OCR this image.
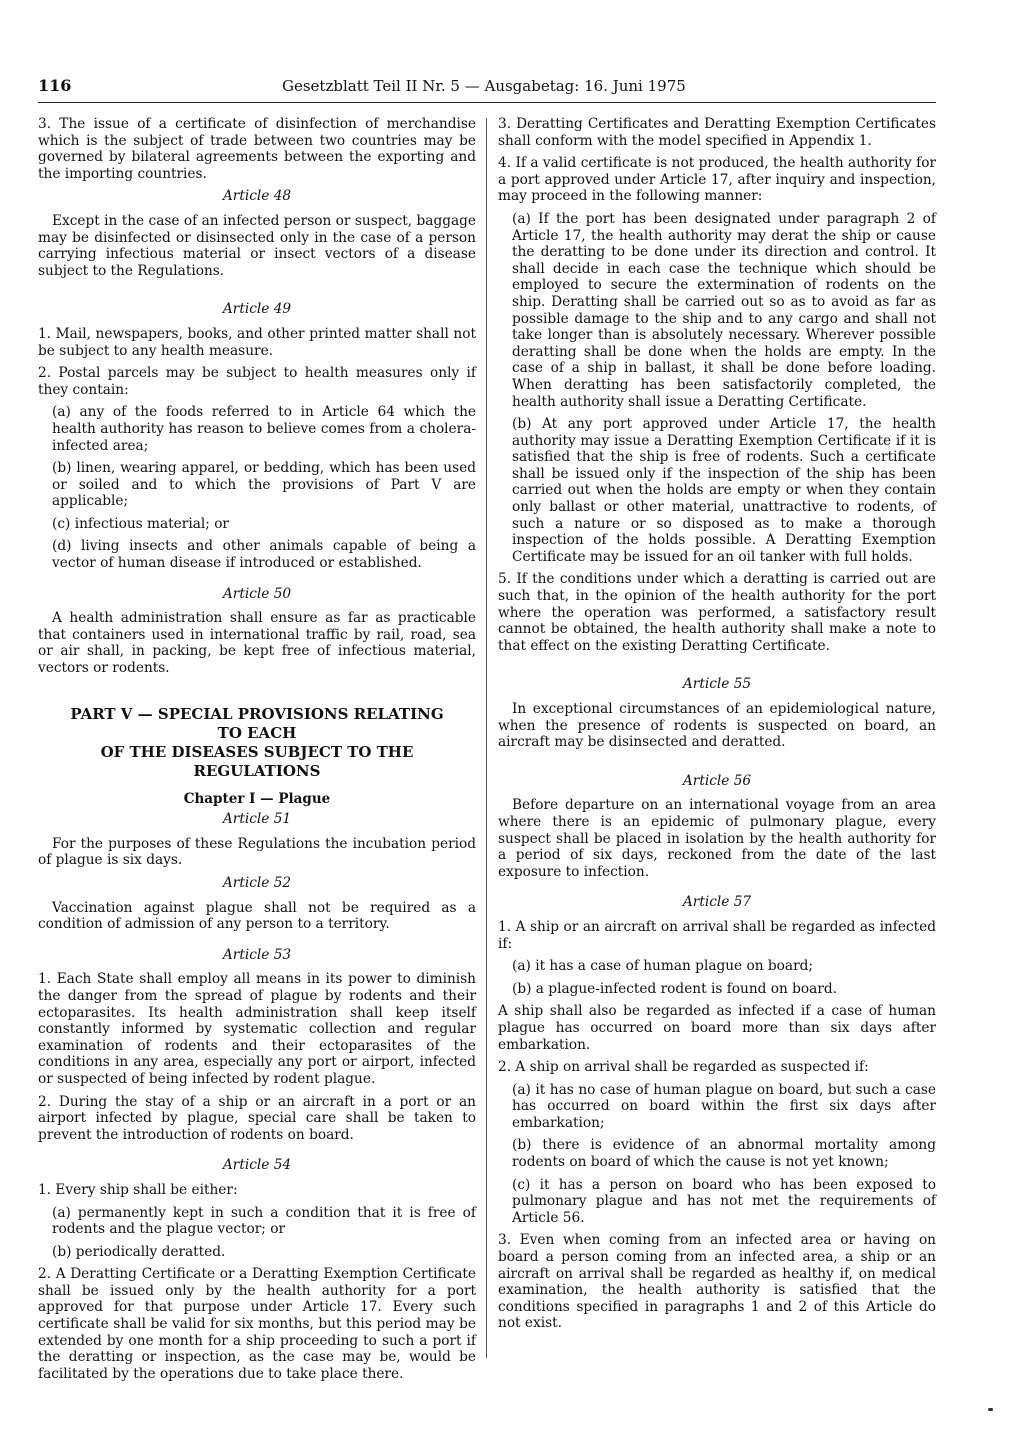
116	Gesetzblatt Teil II Nr. 5 — Ausgabetag: 16. Juni 1975

3. The issue of a certificate of disinfection of merchandise which is the subject of trade between two countries may be governed by bilateral agreements between the exporting and the importing countries.

Article 48

Except in the case of an infected person or suspect, baggage may be disinfected or disinsected only in the case of a person carrying infectious material or insect vectors of a disease subject to the Regulations.

Article 49

1. Mail, newspapers, books, and other printed matter shall not be subject to any health measure.

2. Postal parcels may be subject to health measures only if they contain:

(a) any of the foods referred to in Article 64 which the health authority has reason to believe comes from a cholera-infected area;

(b) linen, wearing apparel, or bedding, which has been used or soiled and to which the provisions of Part V are applicable;

(c) infectious material; or

(d) living insects and other animals capable of being a vector of human disease if introduced or established.

Article 50

A health administration shall ensure as far as practicable that containers used in international traffic by rail, road, sea or air shall, in packing, be kept free of infectious material, vectors or rodents.

PART V — SPECIAL PROVISIONS RELATING
TO EACH
OF THE DISEASES SUBJECT TO THE REGULATIONS
Chapter I — Plague
Article 51

For the purposes of these Regulations the incubation period of plague is six days.

Article 52

Vaccination against plague shall not be required as a condition of admission of any person to a territory.

Article 53

1. Each State shall employ all means in its power to diminish the danger from the spread of plague by rodents and their ectoparasites. Its health administration shall keep itself constantly informed by systematic collection and regular examination of rodents and their ectoparasites of the conditions in any area, especially any port or airport, infected or suspected of being infected by rodent plague.

2. During the stay of a ship or an aircraft in a port or an airport infected by plague, special care shall be taken to prevent the introduction of rodents on board.

Article 54

1. Every ship shall be either:

(a) permanently kept in such a condition that it is free of rodents and the plague vector; or

(b) periodically deratted.

2. A Deratting Certificate or a Deratting Exemption Certificate shall be issued only by the health authority for a port approved for that purpose under Article 17. Every such certificate shall be valid for six months, but this period may be extended by one month for a ship proceeding to such a port if the deratting or inspection, as the case may be, would be facilitated by the operations due to take place there.

3. Deratting Certificates and Deratting Exemption Certificates shall conform with the model specified in Appendix 1.

4. If a valid certificate is not produced, the health authority for a port approved under Article 17, after inquiry and inspection, may proceed in the following manner:

(a) If the port has been designated under paragraph 2 of Article 17, the health authority may derat the ship or cause the deratting to be done under its direction and control. It shall decide in each case the technique which should be employed to secure the extermination of rodents on the ship. Deratting shall be carried out so as to avoid as far as possible damage to the ship and to any cargo and shall not take longer than is absolutely necessary. Wherever possible deratting shall be done when the holds are empty. In the case of a ship in ballast, it shall be done before loading. When deratting has been satisfactorily completed, the health authority shall issue a Deratting Certificate.

(b) At any port approved under Article 17, the health authority may issue a Deratting Exemption Certificate if it is satisfied that the ship is free of rodents. Such a certificate shall be issued only if the inspection of the ship has been carried out when the holds are empty or when they contain only ballast or other material, unattractive to rodents, of such a nature or so disposed as to make a thorough inspection of the holds possible. A Deratting Exemption Certificate may be issued for an oil tanker with full holds.

5. If the conditions under which a deratting is carried out are such that, in the opinion of the health authority for the port where the operation was performed, a satisfactory result cannot be obtained, the health authority shall make a note to that effect on the existing Deratting Certificate.

Article 55

In exceptional circumstances of an epidemiological nature, when the presence of rodents is suspected on board, an aircraft may be disinsected and deratted.

Article 56

Before departure on an international voyage from an area where there is an epidemic of pulmonary plague, every suspect shall be placed in isolation by the health authority for a period of six days, reckoned from the date of the last exposure to infection.

Article 57

1. A ship or an aircraft on arrival shall be regarded as infected if:

(a) it has a case of human plague on board;

(b) a plague-infected rodent is found on board.

A ship shall also be regarded as infected if a case of human plague has occurred on board more than six days after embarkation.

2. A ship on arrival shall be regarded as suspected if:

(a) it has no case of human plague on board, but such a case has occurred on board within the first six days after embarkation;

(b) there is evidence of an abnormal mortality among rodents on board of which the cause is not yet known;

(c) it has a person on board who has been exposed to pulmonary plague and has not met the requirements of Article 56.

3. Even when coming from an infected area or having on board a person coming from an infected area, a ship or an aircraft on arrival shall be regarded as healthy if, on medical examination, the health authority is satisfied that the conditions specified in paragraphs 1 and 2 of this Article do not exist.
